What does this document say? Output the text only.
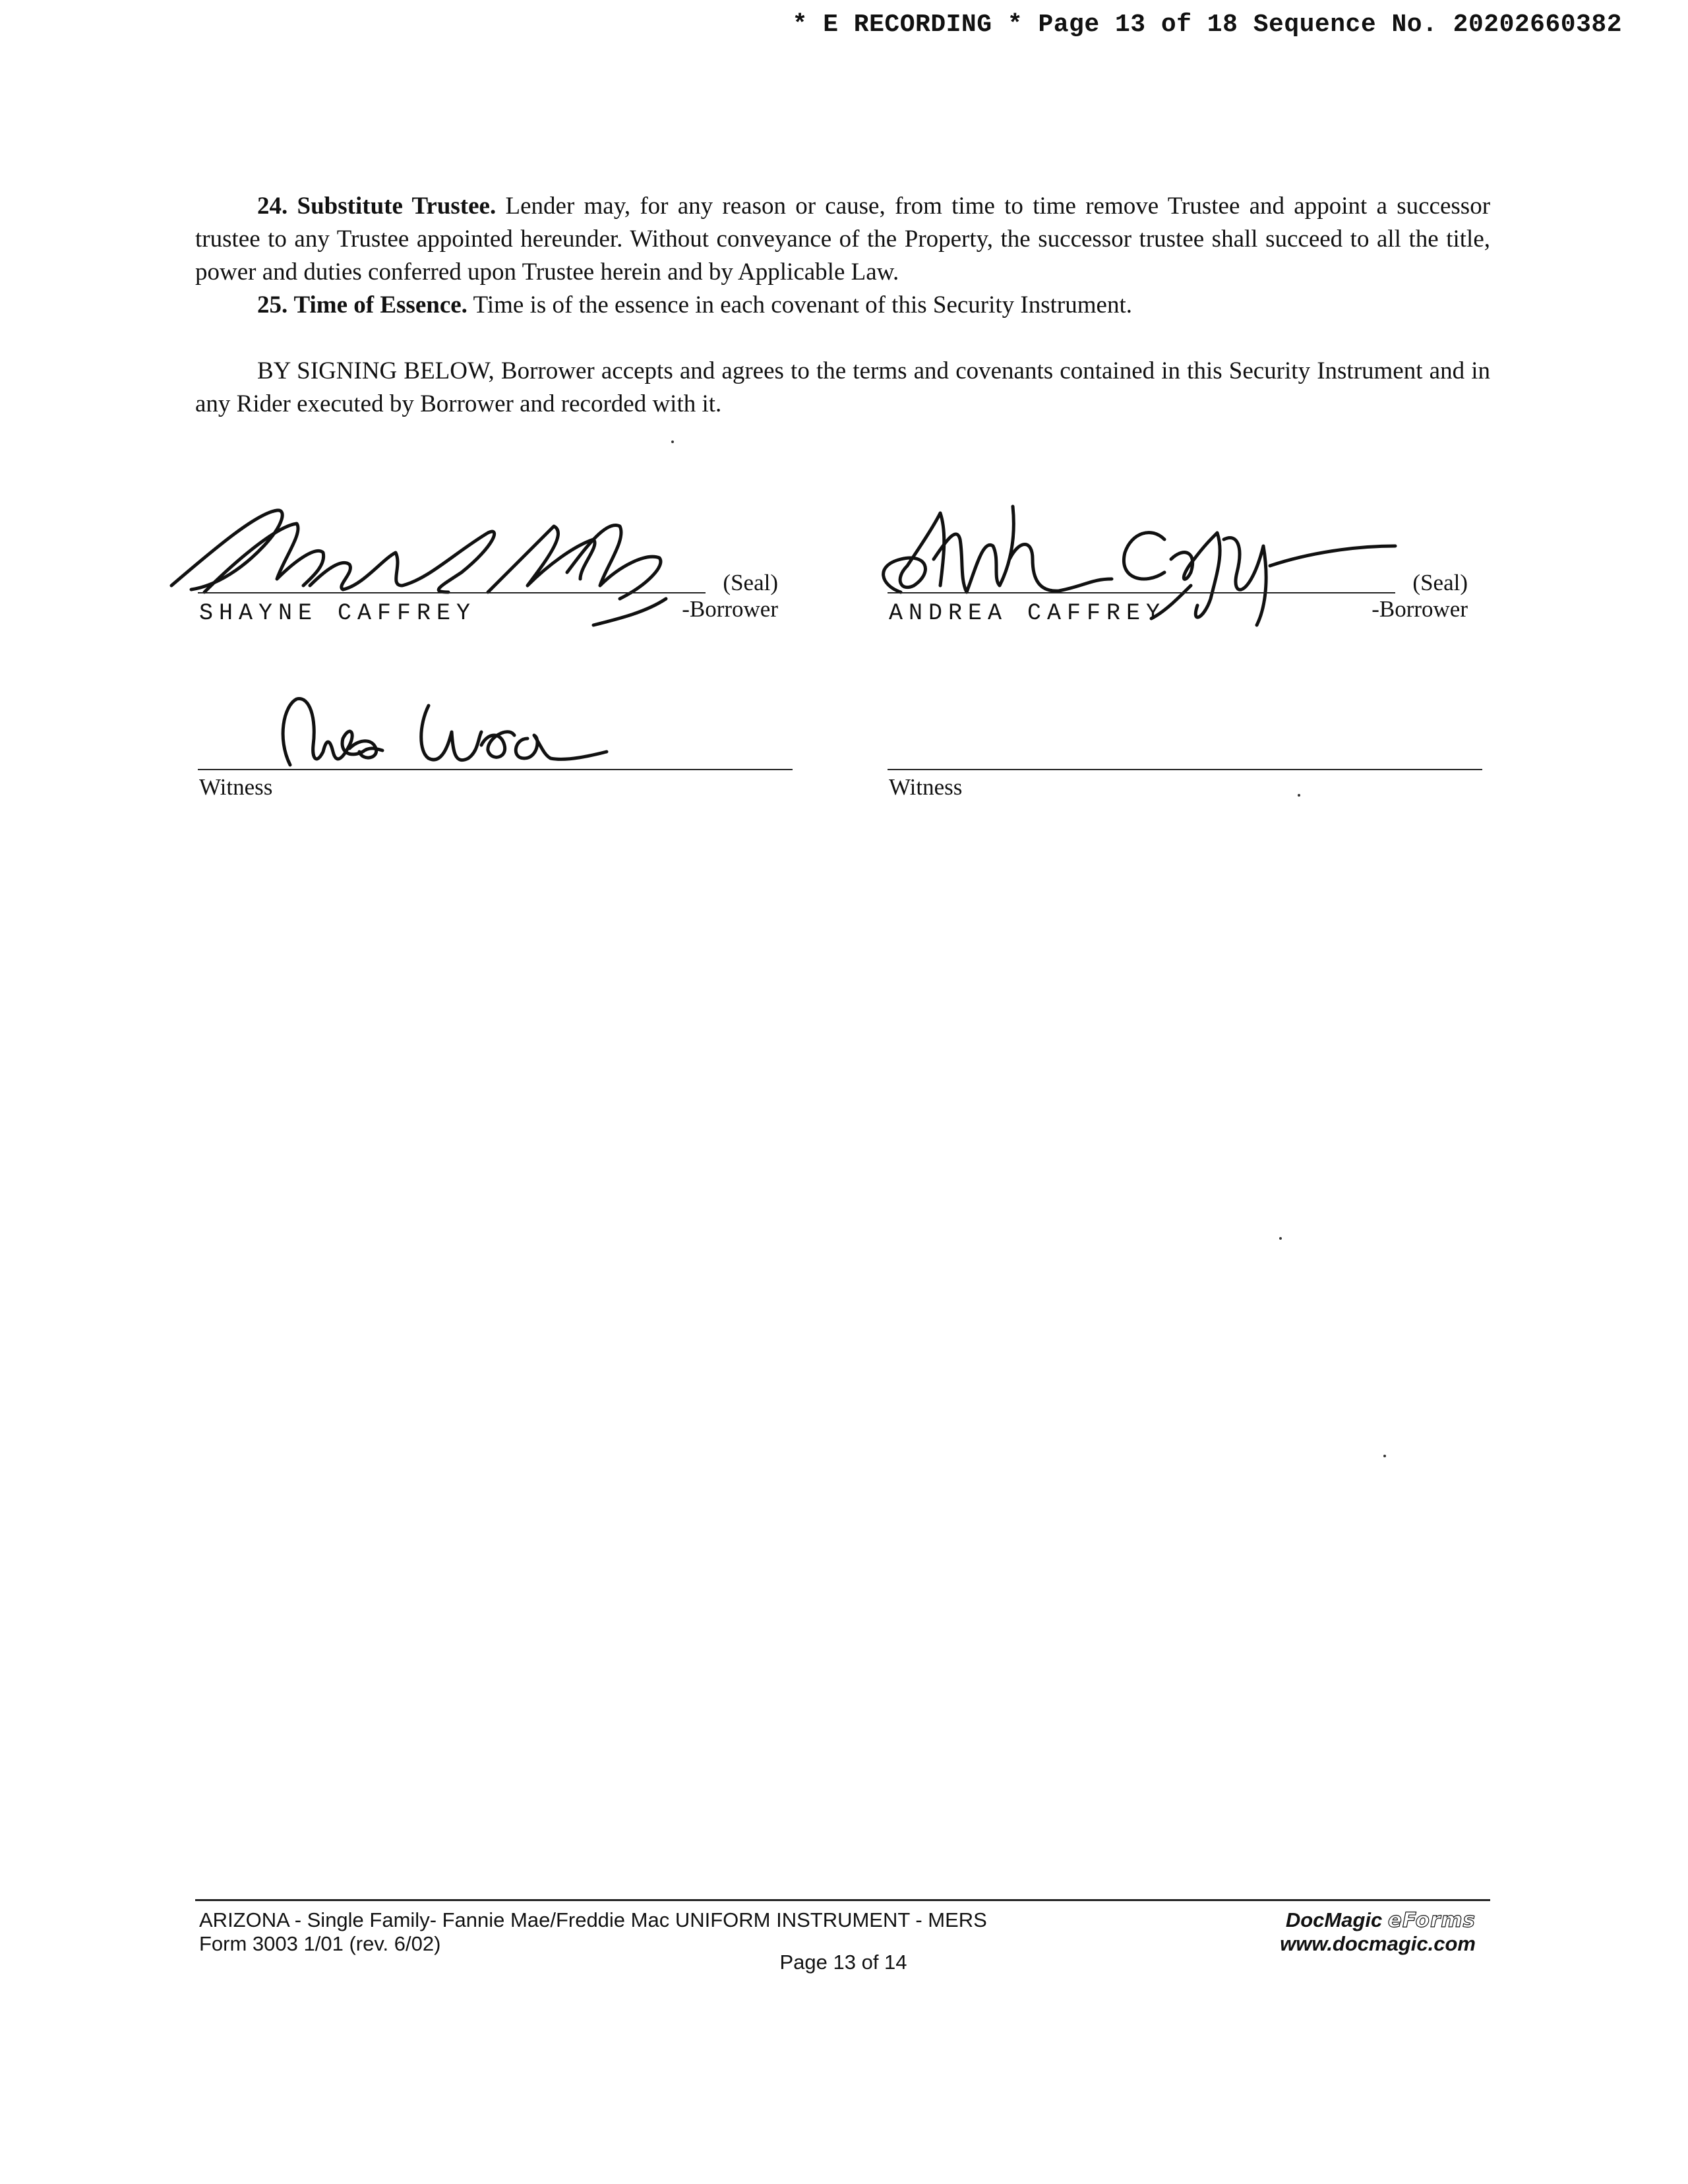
* E RECORDING * Page 13 of 18 Sequence No. 20202660382

24. Substitute Trustee. Lender may, for any reason or cause, from time to time remove Trustee and appoint a successor trustee to any Trustee appointed hereunder. Without conveyance of the Property, the successor trustee shall succeed to all the title, power and duties conferred upon Trustee herein and by Applicable Law.

25. Time of Essence. Time is of the essence in each covenant of this Security Instrument.

BY SIGNING BELOW, Borrower accepts and agrees to the terms and covenants contained in this Security Instrument and in any Rider executed by Borrower and recorded with it.

(Seal)
SHAYNE CAFFREY	-Borrower
(Seal)
ANDREA CAFFREY	-Borrower
Witness	Witness
ARIZONA - Single Family- Fannie Mae/Freddie Mac UNIFORM INSTRUMENT - MERS
Form 3003 1/01 (rev. 6/02)
DocMagic eForms
www.docmagic.com
Page 13 of 14
